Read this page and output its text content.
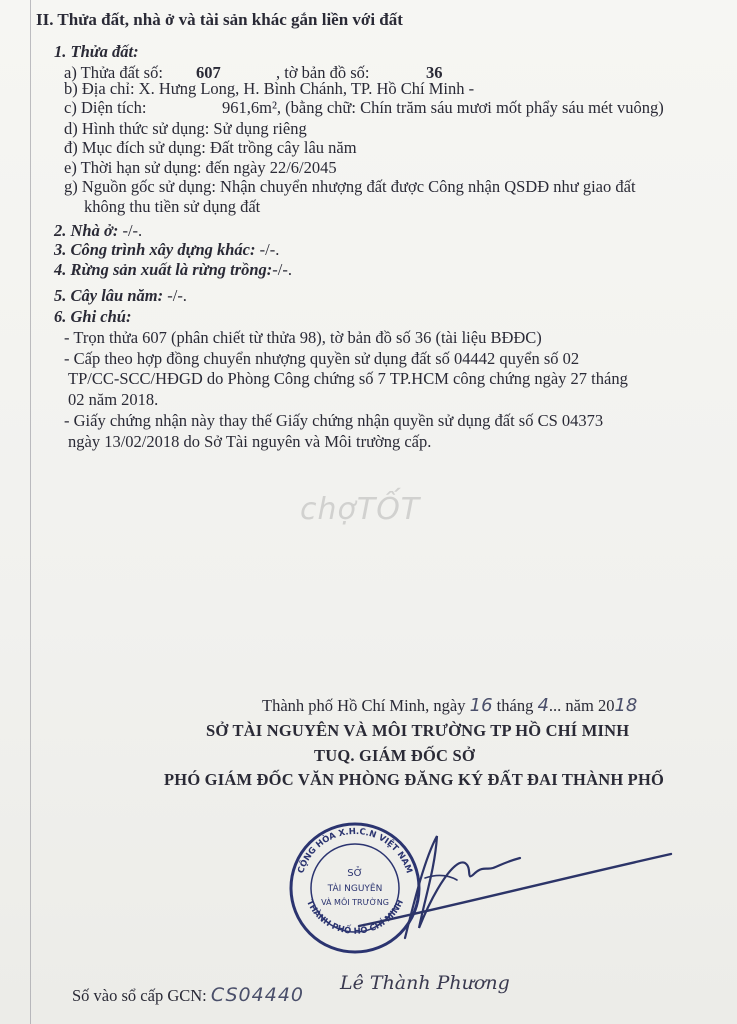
II. Thửa đất, nhà ở và tài sản khác gắn liền với đất
1. Thửa đất:
a) Thửa đất số: 607	, tờ bản đồ số:	36
b) Địa chỉ: X. Hưng Long, H. Bình Chánh, TP. Hồ Chí Minh -
c) Diện tích:	961,6m², (bằng chữ: Chín trăm sáu mươi mốt phẩy sáu mét vuông)
d) Hình thức sử dụng: Sử dụng riêng
đ) Mục đích sử dụng: Đất trồng cây lâu năm
e) Thời hạn sử dụng: đến ngày 22/6/2045
g) Nguồn gốc sử dụng: Nhận chuyển nhượng đất được Công nhận QSDĐ như giao đất
không thu tiền sử dụng đất
2. Nhà ở: -/-.
3. Công trình xây dựng khác: -/-.
4. Rừng sản xuất là rừng trồng:-/-.
5. Cây lâu năm: -/-.
6. Ghi chú:
- Trọn thửa 607 (phân chiết từ thửa 98), tờ bản đồ số 36 (tài liệu BĐĐC)
- Cấp theo hợp đồng chuyển nhượng quyền sử dụng đất số 04442 quyển số 02
TP/CC-SCC/HĐGD do Phòng Công chứng số 7 TP.HCM công chứng ngày 27 tháng
02 năm 2018.
- Giấy chứng nhận này thay thế Giấy chứng nhận quyền sử dụng đất số CS 04373
ngày 13/02/2018 do Sở Tài nguyên và Môi trường cấp.
chợTỐT
Thành phố Hồ Chí Minh, ngày 16 tháng 4... năm 2018
SỞ TÀI NGUYÊN VÀ MÔI TRƯỜNG TP HỒ CHÍ MINH
TUQ. GIÁM ĐỐC SỞ
PHÓ GIÁM ĐỐC VĂN PHÒNG ĐĂNG KÝ ĐẤT ĐAI THÀNH PHỐ
CỘNG HÒA X.H.C.N VIỆT NAM
THÀNH PHỐ HỒ CHÍ MINH
SỞ
TÀI NGUYÊN
VÀ MÔI TRƯỜNG
Lê Thành Phương
Số vào sổ cấp GCN: CS04440
